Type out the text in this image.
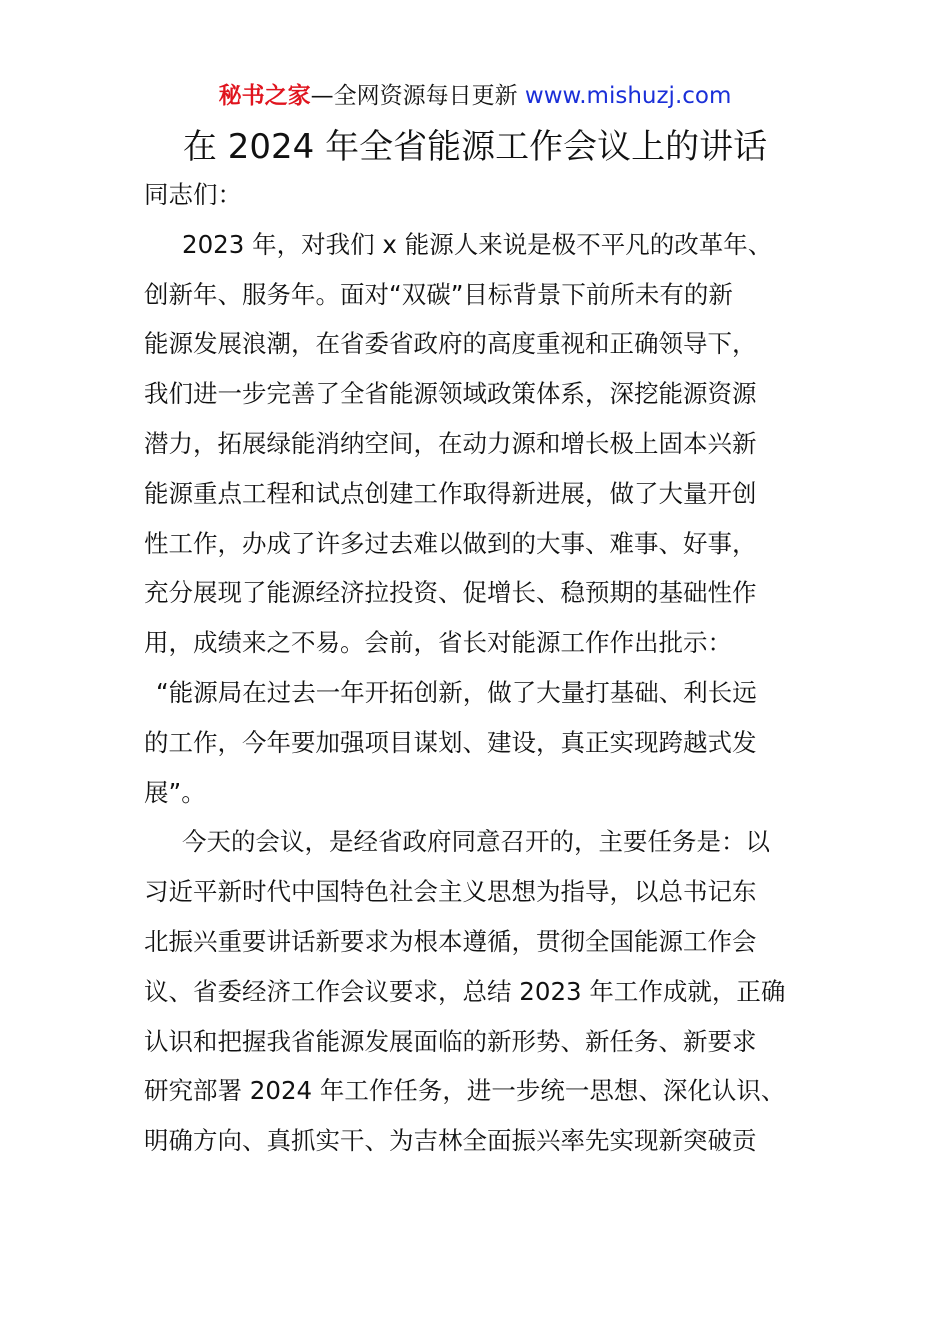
秘书之家—全网资源每日更新 www.mishuzj.com
在 2024 年全省能源工作会议上的讲话
同志们：
2023 年，对我们 x 能源人来说是极不平凡的改革年、
创新年、服务年。面对“双碳”目标背景下前所未有的新
能源发展浪潮，在省委省政府的高度重视和正确领导下，
我们进一步完善了全省能源领域政策体系，深挖能源资源
潜力，拓展绿能消纳空间，在动力源和增长极上固本兴新
能源重点工程和试点创建工作取得新进展，做了大量开创
性工作，办成了许多过去难以做到的大事、难事、好事，
充分展现了能源经济拉投资、促增长、稳预期的基础性作
用，成绩来之不易。会前，省长对能源工作作出批示：
“能源局在过去一年开拓创新，做了大量打基础、利长远
的工作，今年要加强项目谋划、建设，真正实现跨越式发
展”。
今天的会议，是经省政府同意召开的，主要任务是：以
习近平新时代中国特色社会主义思想为指导，以总书记东
北振兴重要讲话新要求为根本遵循，贯彻全国能源工作会
议、省委经济工作会议要求，总结 2023 年工作成就，正确
认识和把握我省能源发展面临的新形势、新任务、新要求
研究部署 2024 年工作任务，进一步统一思想、深化认识、
明确方向、真抓实干、为吉林全面振兴率先实现新突破贡
